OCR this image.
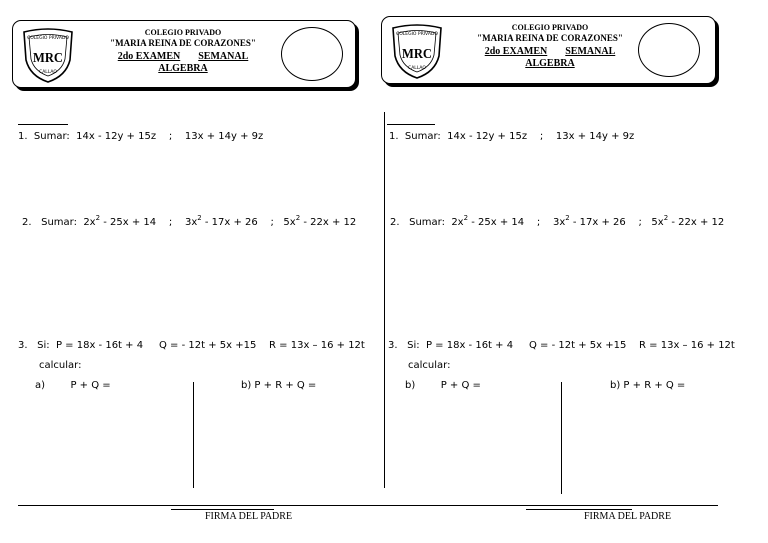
COLEGIO PRIVADO
MRC
CALLAO
COLEGIO PRIVADO
"MARIA REINA DE CORAZONES"
2do EXAMEN SEMANAL
ALGEBRA
COLEGIO PRIVADO
MRC
CALLAO
COLEGIO PRIVADO
"MARIA REINA DE CORAZONES"
2do EXAMEN SEMANAL
ALGEBRA
1. Sumar: 14x - 12y + 15z ; 13x + 14y + 9z
2. Sumar: $2x^2 - 25x + 14$ ; $3x^2 - 17x + 26$ ; $5x^2 - 22x + 12$
3. Si: P = 18x - 16t + 4 Q = - 12t + 5x +15 R = 13x – 16 + 12t
calcular:
a)	P + Q =	b) P + R + Q =
1. Sumar: 14x - 12y + 15z ; 13x + 14y + 9z
2. Sumar: $2x^2 - 25x + 14$ ; $3x^2 - 17x + 26$ ; $5x^2 - 22x + 12$
3. Si: P = 18x - 16t + 4 Q = - 12t + 5x +15 R = 13x – 16 + 12t
calcular:
b)	P + Q =	b) P + R + Q =
FIRMA DEL PADRE	FIRMA DEL PADRE
